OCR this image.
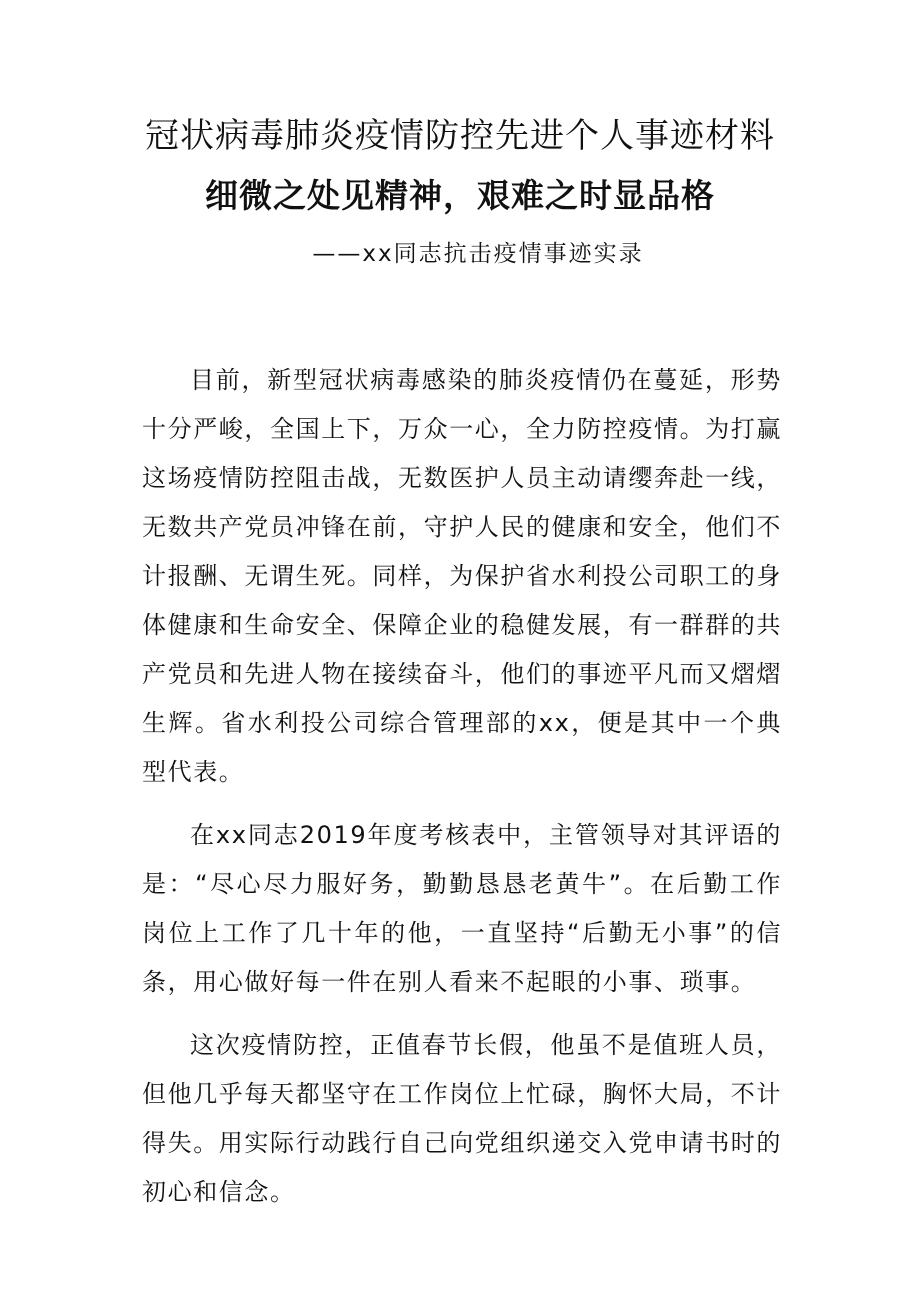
冠状病毒肺炎疫情防控先进个人事迹材料
细微之处见精神，艰难之时显品格
——xx同志抗击疫情事迹实录

目前，新型冠状病毒感染的肺炎疫情仍在蔓延，形势十分严峻，全国上下，万众一心，全力防控疫情。为打赢这场疫情防控阻击战，无数医护人员主动请缨奔赴一线，无数共产党员冲锋在前，守护人民的健康和安全，他们不计报酬、无谓生死。同样，为保护省水利投公司职工的身体健康和生命安全、保障企业的稳健发展，有一群群的共产党员和先进人物在接续奋斗，他们的事迹平凡而又熠熠生辉。省水利投公司综合管理部的xx，便是其中一个典型代表。

在xx同志2019年度考核表中，主管领导对其评语的是：“尽心尽力服好务，勤勤恳恳老黄牛”。在后勤工作岗位上工作了几十年的他，一直坚持“后勤无小事”的信条，用心做好每一件在别人看来不起眼的小事、琐事。

这次疫情防控，正值春节长假，他虽不是值班人员，但他几乎每天都坚守在工作岗位上忙碌，胸怀大局，不计得失。用实际行动践行自己向党组织递交入党申请书时的初心和信念。
